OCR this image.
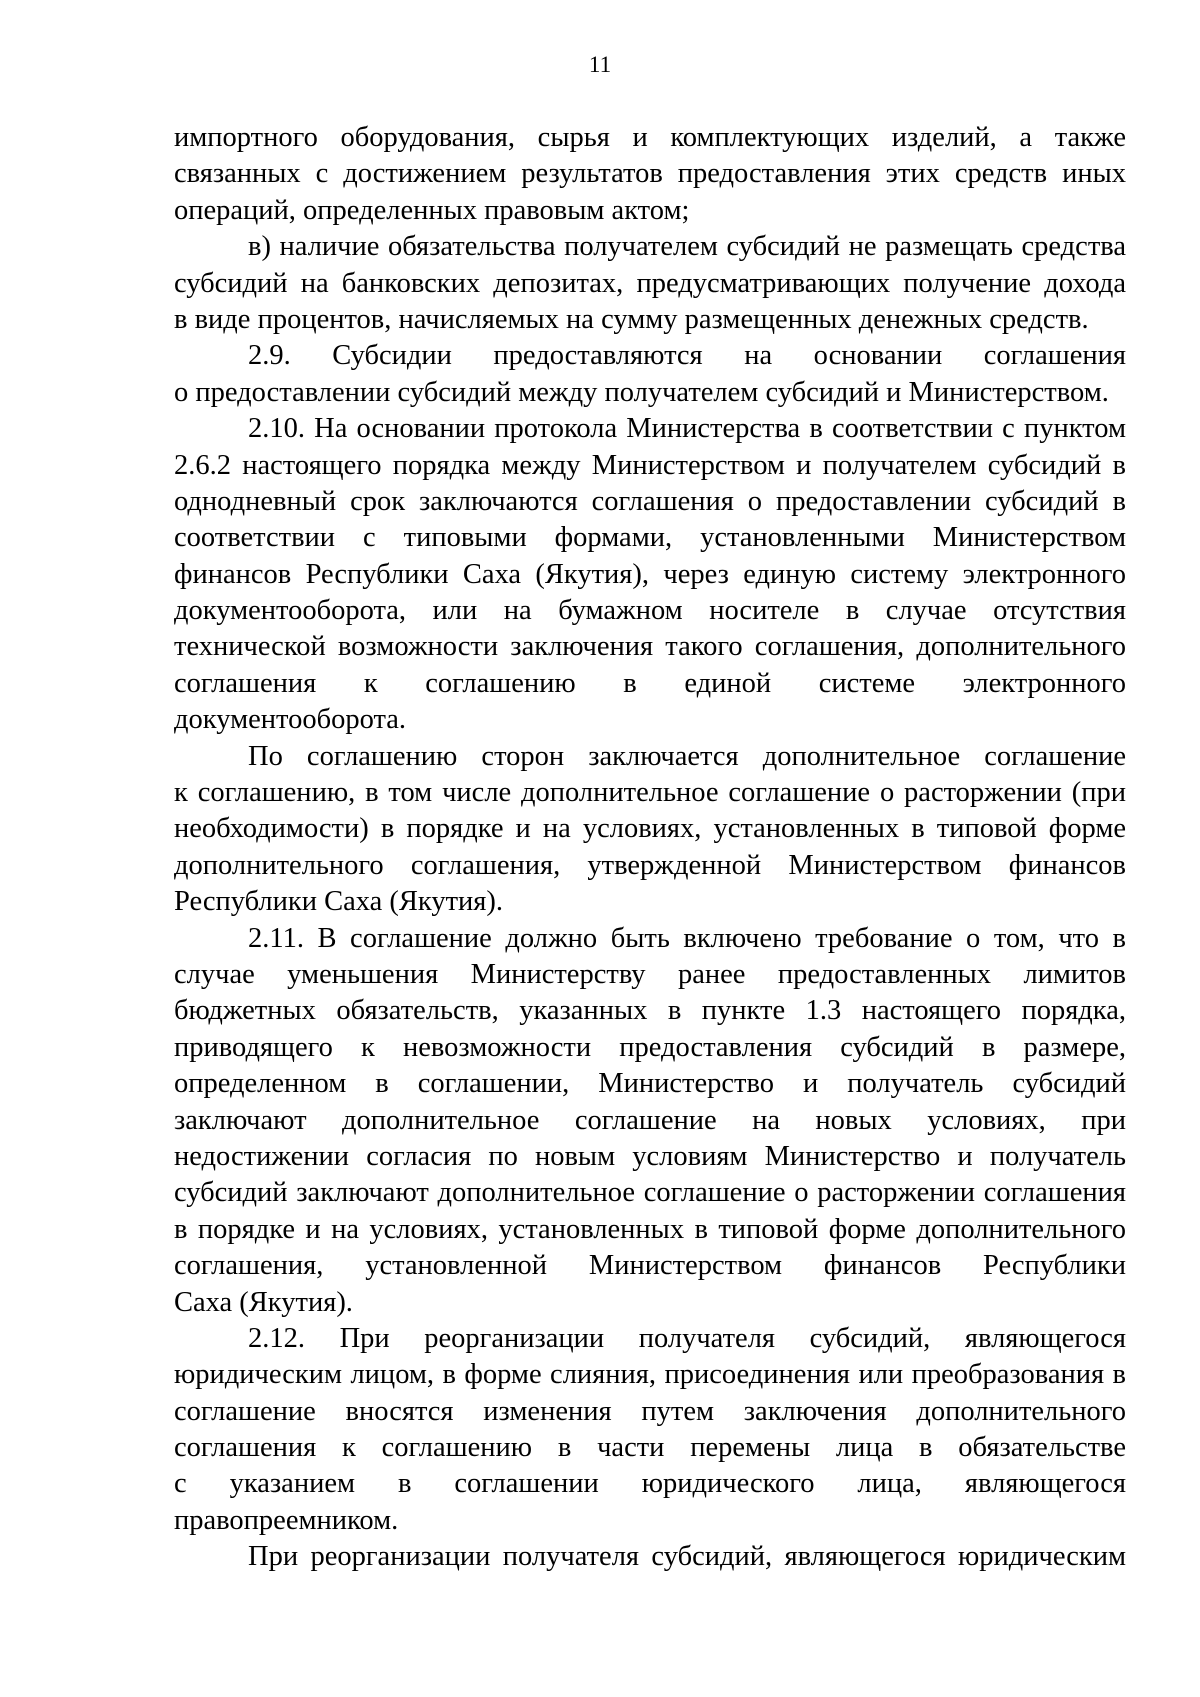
11
импортного оборудования, сырья и комплектующих изделий, а также
связанных с достижением результатов предоставления этих средств иных
операций, определенных правовым актом;
в) наличие обязательства получателем субсидий не размещать средства
субсидий на банковских депозитах, предусматривающих получение дохода
в виде процентов, начисляемых на сумму размещенных денежных средств.
2.9. Субсидии предоставляются на основании соглашения
о предоставлении субсидий между получателем субсидий и Министерством.
2.10. На основании протокола Министерства в соответствии с пунктом
2.6.2 настоящего порядка между Министерством и получателем субсидий в
однодневный срок заключаются соглашения о предоставлении субсидий в
соответствии с типовыми формами, установленными Министерством
финансов Республики Саха (Якутия), через единую систему электронного
документооборота, или на бумажном носителе в случае отсутствия
технической возможности заключения такого соглашения, дополнительного
соглашения к соглашению в единой системе электронного
документооборота.
По соглашению сторон заключается дополнительное соглашение
к соглашению, в том числе дополнительное соглашение о расторжении (при
необходимости) в порядке и на условиях, установленных в типовой форме
дополнительного соглашения, утвержденной Министерством финансов
Республики Саха (Якутия).
2.11. В соглашение должно быть включено требование о том, что в
случае уменьшения Министерству ранее предоставленных лимитов
бюджетных обязательств, указанных в пункте 1.3 настоящего порядка,
приводящего к невозможности предоставления субсидий в размере,
определенном в соглашении, Министерство и получатель субсидий
заключают дополнительное соглашение на новых условиях, при
недостижении согласия по новым условиям Министерство и получатель
субсидий заключают дополнительное соглашение о расторжении соглашения
в порядке и на условиях, установленных в типовой форме дополнительного
соглашения, установленной Министерством финансов Республики
Саха (Якутия).
2.12. При реорганизации получателя субсидий, являющегося
юридическим лицом, в форме слияния, присоединения или преобразования в
соглашение вносятся изменения путем заключения дополнительного
соглашения к соглашению в части перемены лица в обязательстве
с указанием в соглашении юридического лица, являющегося
правопреемником.
При реорганизации получателя субсидий, являющегося юридическим
